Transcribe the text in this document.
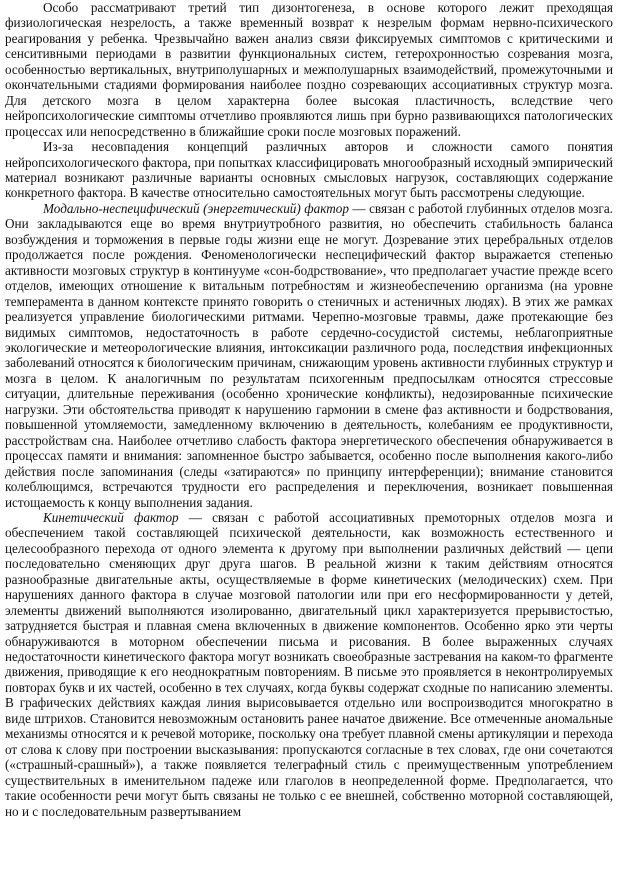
Особо рассматривают третий тип дизонтогенеза, в основе которого лежит преходящая физиологическая незрелость, а также временный возврат к незрелым формам нервно-психического реагирования у ребенка. Чрезвычайно важен анализ связи фиксируемых симптомов с критическими и сенситивными периодами в развитии функциональных систем, гетерохронностью созревания мозга, особенностью вертикальных, внутриполушарных и межполушарных взаимодействий, промежуточными и окончательными стадиями формирования наиболее поздно созревающих ассоциативных структур мозга. Для детского мозга в целом характерна более высокая пластичность, вследствие чего нейропсихологические симптомы отчетливо проявляются лишь при бурно развивающихся патологических процессах или непосредственно в ближайшие сроки после мозговых поражений.

Из-за несовпадения концепций различных авторов и сложности самого понятия нейропсихологического фактора, при попытках классифицировать многообразный исходный эмпирический материал возникают различные варианты основных смысловых нагрузок, составляющих содержание конкретного фактора. В качестве относительно самостоятельных могут быть рассмотрены следующие.

Модально-неспецифический (энергетический) фактор — связан с работой глубинных отделов мозга. Они закладываются еще во время внутриутробного развития, но обеспечить стабильность баланса возбуждения и торможения в первые годы жизни еще не могут. Дозревание этих церебральных отделов продолжается после рождения. Феноменологически неспецифический фактор выражается степенью активности мозговых структур в континууме «сон-бодрствование», что предполагает участие прежде всего отделов, имеющих отношение к витальным потребностям и жизнеобеспечению организма (на уровне темперамента в данном контексте принято говорить о стеничных и астеничных людях). В этих же рамках реализуется управление биологическими ритмами. Черепно-мозговые травмы, даже протекающие без видимых симптомов, недостаточность в работе сердечно-сосудистой системы, неблагоприятные экологические и метеорологические влияния, интоксикации различного рода, последствия инфекционных заболеваний относятся к биологическим причинам, снижающим уровень активности глубинных структур и мозга в целом. К аналогичным по результатам психогенным предпосылкам относятся стрессовые ситуации, длительные переживания (особенно хронические конфликты), недозированные психические нагрузки. Эти обстоятельства приводят к нарушению гармонии в смене фаз активности и бодрствования, повышенной утомляемости, замедленному включению в деятельность, колебаниям ее продуктивности, расстройствам сна. Наиболее отчетливо слабость фактора энергетического обеспечения обнаруживается в процессах памяти и внимания: запомненное быстро забывается, особенно после выполнения какого-либо действия после запоминания (следы «затираются» по принципу интерференции); внимание становится колеблющимся, встречаются трудности его распределения и переключения, возникает повышенная истощаемость к концу выполнения задания.

Кинетический фактор — связан с работой ассоциативных премоторных отделов мозга и обеспечением такой составляющей психической деятельности, как возможность естественного и целесообразного перехода от одного элемента к другому при выполнении различных действий — цепи последовательно сменяющих друг друга шагов. В реальной жизни к таким действиям относятся разнообразные двигательные акты, осуществляемые в форме кинетических (мелодических) схем. При нарушениях данного фактора в случае мозговой патологии или при его несформированности у детей, элементы движений выполняются изолированно, двигательный цикл характеризуется прерывистостью, затрудняется быстрая и плавная смена включенных в движение компонентов. Особенно ярко эти черты обнаруживаются в моторном обеспечении письма и рисования. В более выраженных случаях недостаточности кинетического фактора могут возникать своеобразные застревания на каком-то фрагменте движения, приводящие к его неоднократным повторениям. В письме это проявляется в неконтролируемых повторах букв и их частей, особенно в тех случаях, когда буквы содержат сходные по написанию элементы. В графических действиях каждая линия вырисовывается отдельно или воспроизводится многократно в виде штрихов. Становится невозможным остановить ранее начатое движение. Все отмеченные аномальные механизмы относятся и к речевой моторике, поскольку она требует плавной смены артикуляции и перехода от слова к слову при построении высказывания: пропускаются согласные в тех словах, где они сочетаются («страшный-срашный»), а также появляется телеграфный стиль с преимущественным употреблением существительных в именительном падеже или глаголов в неопределенной форме. Предполагается, что такие особенности речи могут быть связаны не только с ее внешней, собственно моторной составляющей, но и с последовательным развертыванием
